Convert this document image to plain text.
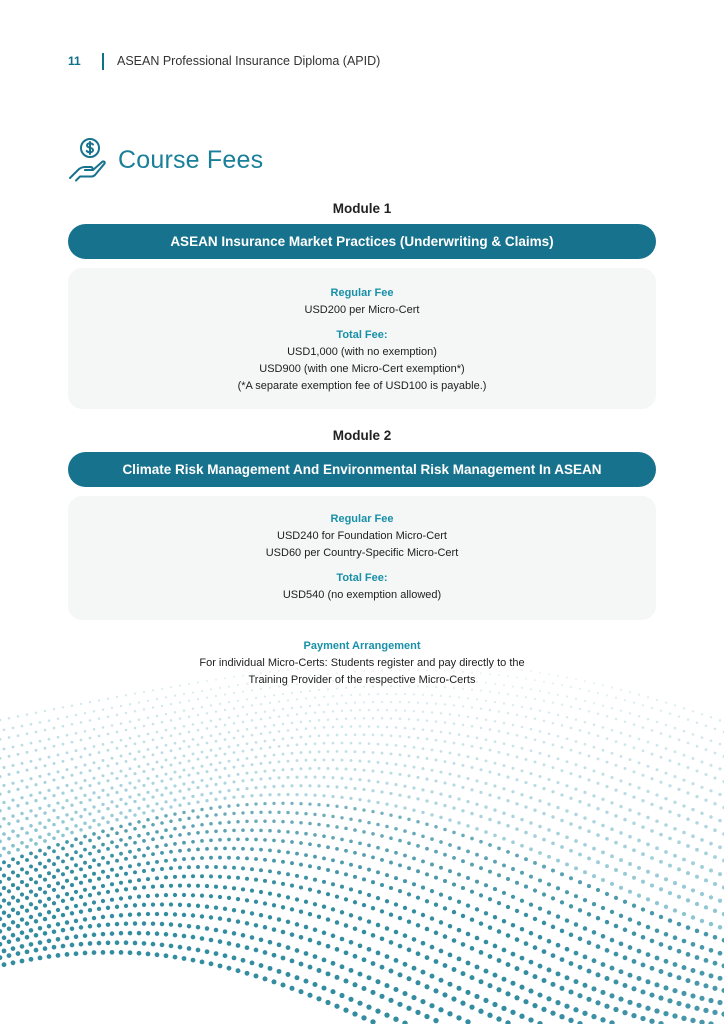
11	ASEAN Professional Insurance Diploma (APID)
Course Fees
Module 1
ASEAN Insurance Market Practices (Underwriting & Claims)
Regular Fee
USD200 per Micro-Cert
Total Fee:
USD1,000 (with no exemption)
USD900 (with one Micro-Cert exemption*)
(*A separate exemption fee of USD100 is payable.)
Module 2
Climate Risk Management And Environmental Risk Management In ASEAN
Regular Fee
USD240 for Foundation Micro-Cert
USD60 per Country-Specific Micro-Cert
Total Fee:
USD540 (no exemption allowed)
Payment Arrangement
For individual Micro-Certs: Students register and pay directly to the
Training Provider of the respective Micro-Certs
